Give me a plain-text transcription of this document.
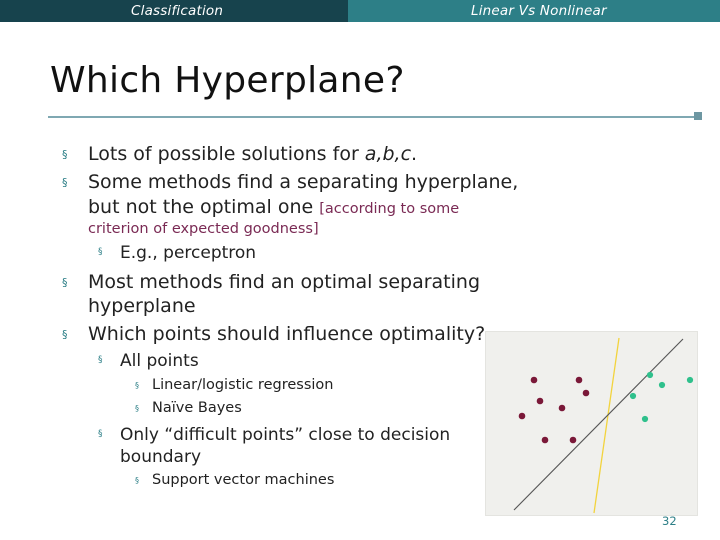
Classification	Linear Vs Nonlinear
Which Hyperplane?
§ Lots of possible solutions for a,b,c.
§ Some methods find a separating hyperplane,
but not the optimal one [according to some
criterion of expected goodness]
§ E.g., perceptron
§ Most methods find an optimal separating
hyperplane
§ Which points should influence optimality?
§ All points
§ Linear/logistic regression
§ Naïve Bayes
§ Only “difficult points” close to decision
boundary
§ Support vector machines
32
